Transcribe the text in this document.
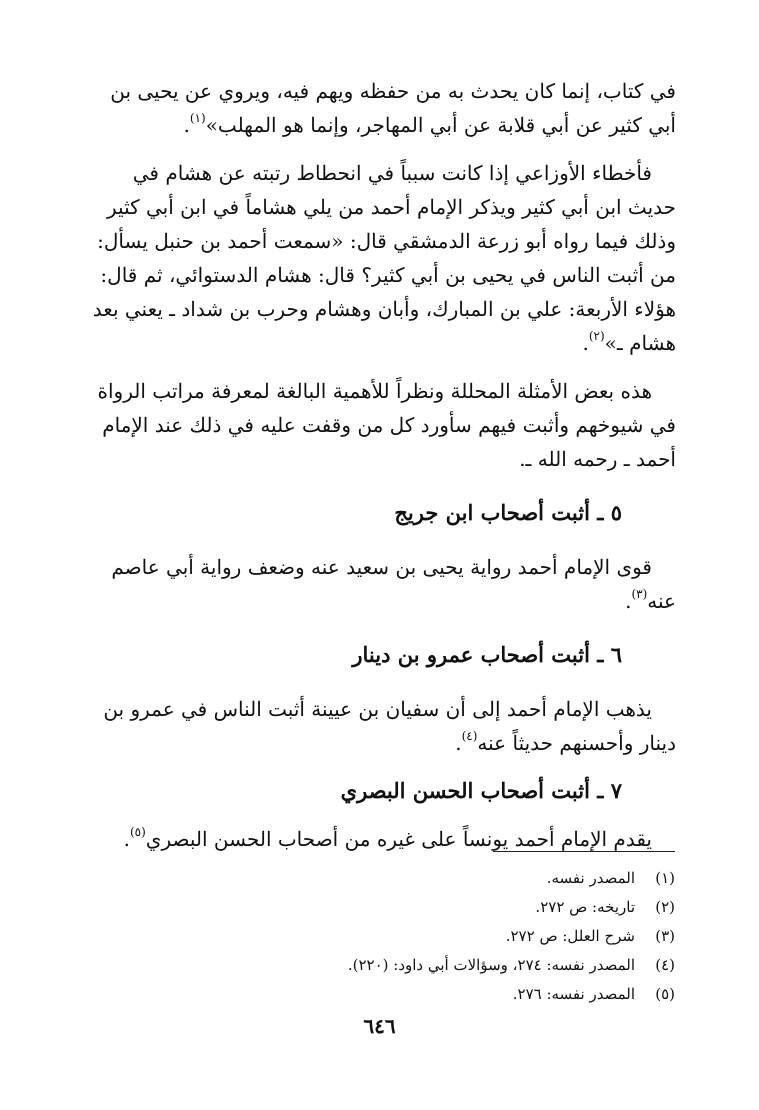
في كتاب، إنما كان يحدث به من حفظه ويهم فيه، ويروي عن يحيى بن
أبي كثير عن أبي قلابة عن أبي المهاجر، وإنما هو المهلب»$^{(١)}$.

فأخطاء الأوزاعي إذا كانت سبباً في انحطاط رتبته عن هشام في
حديث ابن أبي كثير ويذكر الإمام أحمد من يلي هشاماً في ابن أبي كثير
وذلك فيما رواه أبو زرعة الدمشقي قال: «سمعت أحمد بن حنبل يسأل:
من أثبت الناس في يحيى بن أبي كثير؟ قال: هشام الدستوائي، ثم قال:
هؤلاء الأربعة: علي بن المبارك، وأبان وهشام وحرب بن شداد ـ يعني بعد
هشام ـ»$^{(٢)}$.

هذه بعض الأمثلة المحللة ونظراً للأهمية البالغة لمعرفة مراتب الرواة
في شيوخهم وأثبت فيهم سأورد كل من وقفت عليه في ذلك عند الإمام
أحمد ـ رحمه الله ـ.

٥ ـ أثبت أصحاب ابن جريج

قوى الإمام أحمد رواية يحيى بن سعيد عنه وضعف رواية أبي عاصم
عنه$^{(٣)}$.

٦ ـ أثبت أصحاب عمرو بن دينار

يذهب الإمام أحمد إلى أن سفيان بن عيينة أثبت الناس في عمرو بن
دينار وأحسنهم حديثاً عنه$^{(٤)}$.

٧ ـ أثبت أصحاب الحسن البصري

يقدم الإمام أحمد يونساً على غيره من أصحاب الحسن البصري$^{(٥)}$.

(١)
المصدر نفسه.
(٢)
تاريخه: ص ٢٧٢.
(٣)
شرح العلل: ص ٢٧٢.
(٤)
المصدر نفسه: ٢٧٤، وسؤالات أبي داود: (٢٢٠).
(٥)
المصدر نفسه: ٢٧٦.
٦٤٦
